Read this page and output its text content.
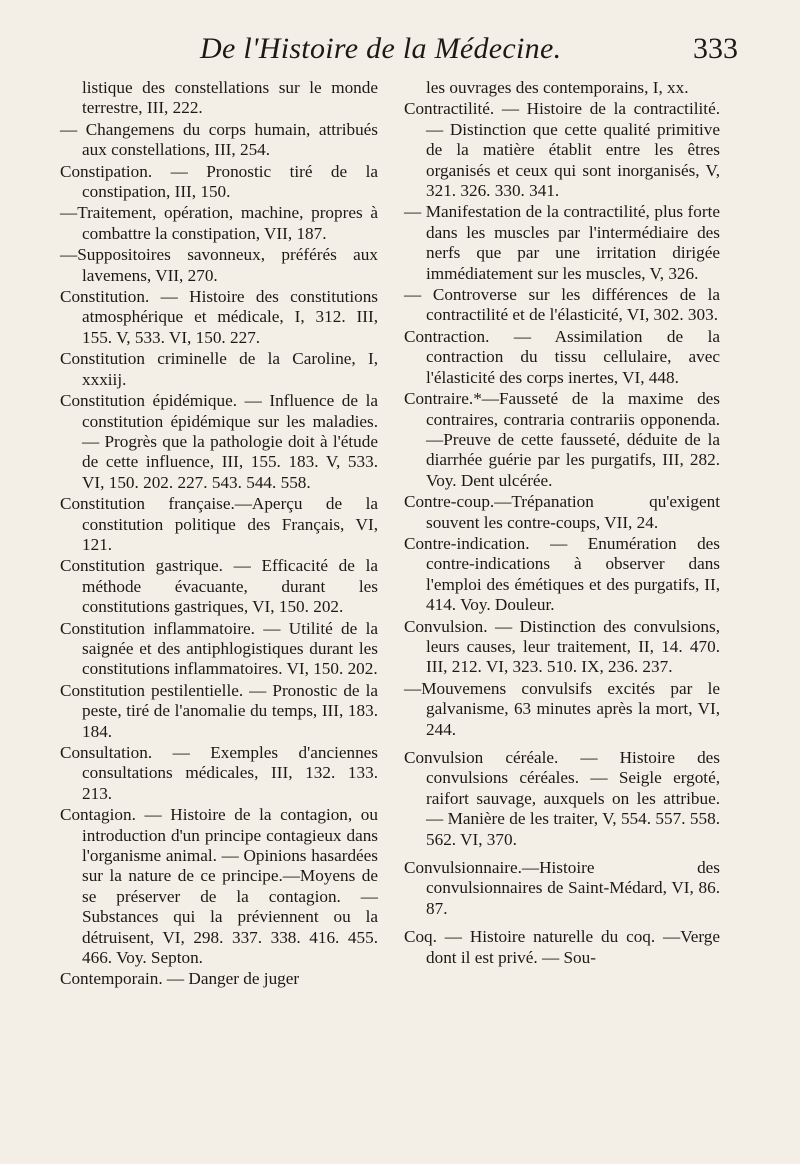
De l'Histoire de la Médecine.	333

listique des constellations sur le monde terrestre, III, 222.

— Changemens du corps humain, attribués aux constellations, III, 254.

Constipation. — Pronostic tiré de la constipation, III, 150.

—Traitement, opération, machine, propres à combattre la constipation, VII, 187.

—Suppositoires savonneux, préférés aux lavemens, VII, 270.

Constitution. — Histoire des constitutions atmosphérique et médicale, I, 312. III, 155. V, 533. VI, 150. 227.

Constitution criminelle de la Caroline, I, xxxiij.

Constitution épidémique. — Influence de la constitution épidémique sur les maladies. — Progrès que la pathologie doit à l'étude de cette influence, III, 155. 183. V, 533. VI, 150. 202. 227. 543. 544. 558.

Constitution française.—Aperçu de la constitution politique des Français, VI, 121.

Constitution gastrique. — Efficacité de la méthode évacuante, durant les constitutions gastriques, VI, 150. 202.

Constitution inflammatoire. — Utilité de la saignée et des antiphlogistiques durant les constitutions inflammatoires. VI, 150. 202.

Constitution pestilentielle. — Pronostic de la peste, tiré de l'anomalie du temps, III, 183. 184.

Consultation. — Exemples d'anciennes consultations médicales, III, 132. 133. 213.

Contagion. — Histoire de la contagion, ou introduction d'un principe contagieux dans l'organisme animal. — Opinions hasardées sur la nature de ce principe.—Moyens de se préserver de la contagion. — Substances qui la préviennent ou la détruisent, VI, 298. 337. 338. 416. 455. 466. Voy. Septon.

Contemporain. — Danger de juger

les ouvrages des contemporains, I, xx.

Contractilité. — Histoire de la contractilité. — Distinction que cette qualité primitive de la matière établit entre les êtres organisés et ceux qui sont inorganisés, V, 321. 326. 330. 341.

— Manifestation de la contractilité, plus forte dans les muscles par l'intermédiaire des nerfs que par une irritation dirigée immédiatement sur les muscles, V, 326.

— Controverse sur les différences de la contractilité et de l'élasticité, VI, 302. 303.

Contraction. — Assimilation de la contraction du tissu cellulaire, avec l'élasticité des corps inertes, VI, 448.

Contraire.*—Fausseté de la maxime des contraires, contraria contrariis opponenda.—Preuve de cette fausseté, déduite de la diarrhée guérie par les purgatifs, III, 282. Voy. Dent ulcérée.

Contre-coup.—Trépanation qu'exigent souvent les contre-coups, VII, 24.

Contre-indication. — Enumération des contre-indications à observer dans l'emploi des émétiques et des purgatifs, II, 414. Voy. Douleur.

Convulsion. — Distinction des convulsions, leurs causes, leur traitement, II, 14. 470. III, 212. VI, 323. 510. IX, 236. 237.

—Mouvemens convulsifs excités par le galvanisme, 63 minutes après la mort, VI, 244.

Convulsion céréale. — Histoire des convulsions céréales. — Seigle ergoté, raifort sauvage, auxquels on les attribue. — Manière de les traiter, V, 554. 557. 558. 562. VI, 370.

Convulsionnaire.—Histoire des convulsionnaires de Saint-Médard, VI, 86. 87.

Coq. — Histoire naturelle du coq. —Verge dont il est privé. — Sou-
